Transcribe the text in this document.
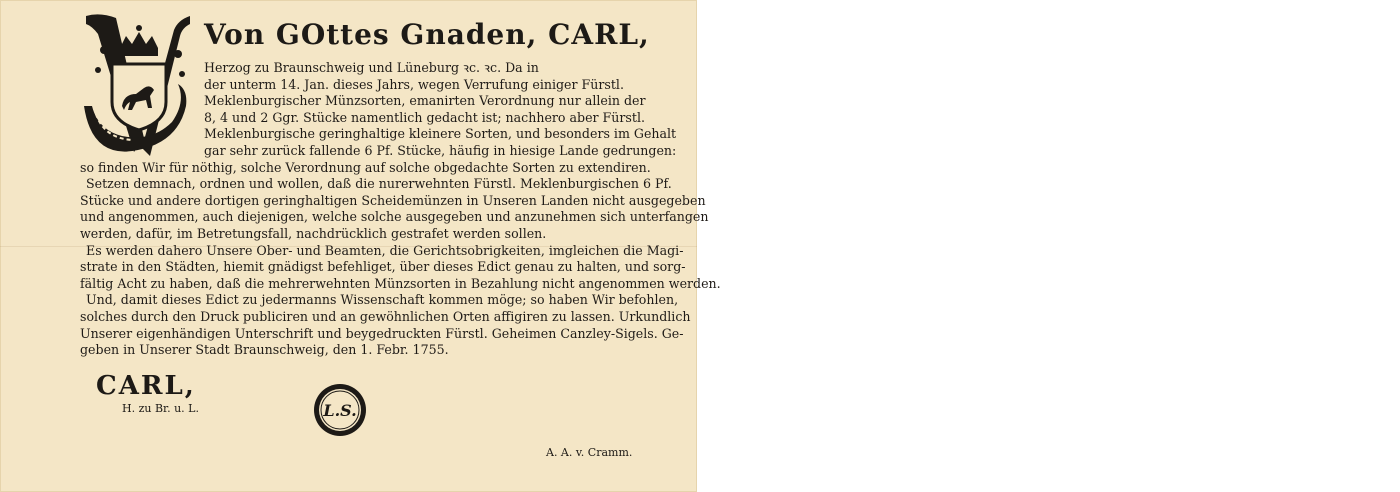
Von GOttes Gnaden, CARL,
Herzog zu Braunschweig und Lüneburg ꝛc. ꝛc. Da in
der unterm 14. Jan. dieses Jahrs, wegen Verrufung einiger Fürstl.
Meklenburgischer Münzsorten, emanirten Verordnung nur allein der
8, 4 und 2 Ggr. Stücke namentlich gedacht ist; nachhero aber Fürstl.
Meklenburgische geringhaltige kleinere Sorten, und besonders im Gehalt
gar sehr zurück fallende 6 Pf. Stücke, häufig in hiesige Lande gedrungen:
so finden Wir für nöthig, solche Verordnung auf solche obgedachte Sorten zu extendiren.
Setzen demnach, ordnen und wollen, daß die nurerwehnten Fürstl. Meklenburgischen 6 Pf.
Stücke und andere dortigen geringhaltigen Scheidemünzen in Unseren Landen nicht ausgegeben
und angenommen, auch diejenigen, welche solche ausgegeben und anzunehmen sich unterfangen
werden, dafür, im Betretungsfall, nachdrücklich gestrafet werden sollen.
Es werden dahero Unsere Ober- und Beamten, die Gerichtsobrigkeiten, imgleichen die Magi-
strate in den Städten, hiemit gnädigst befehliget, über dieses Edict genau zu halten, und sorg-
fältig Acht zu haben, daß die mehrerwehnten Münzsorten in Bezahlung nicht angenommen werden.
Und, damit dieses Edict zu jedermanns Wissenschaft kommen möge; so haben Wir befohlen,
solches durch den Druck publiciren und an gewöhnlichen Orten affigiren zu lassen. Urkundlich
Unserer eigenhändigen Unterschrift und beygedruckten Fürstl. Geheimen Canzley-Sigels. Ge-
geben in Unserer Stadt Braunschweig, den 1. Febr. 1755.
CARL,
H. zu Br. u. L.	L.S.
A. A. v. Cramm.
